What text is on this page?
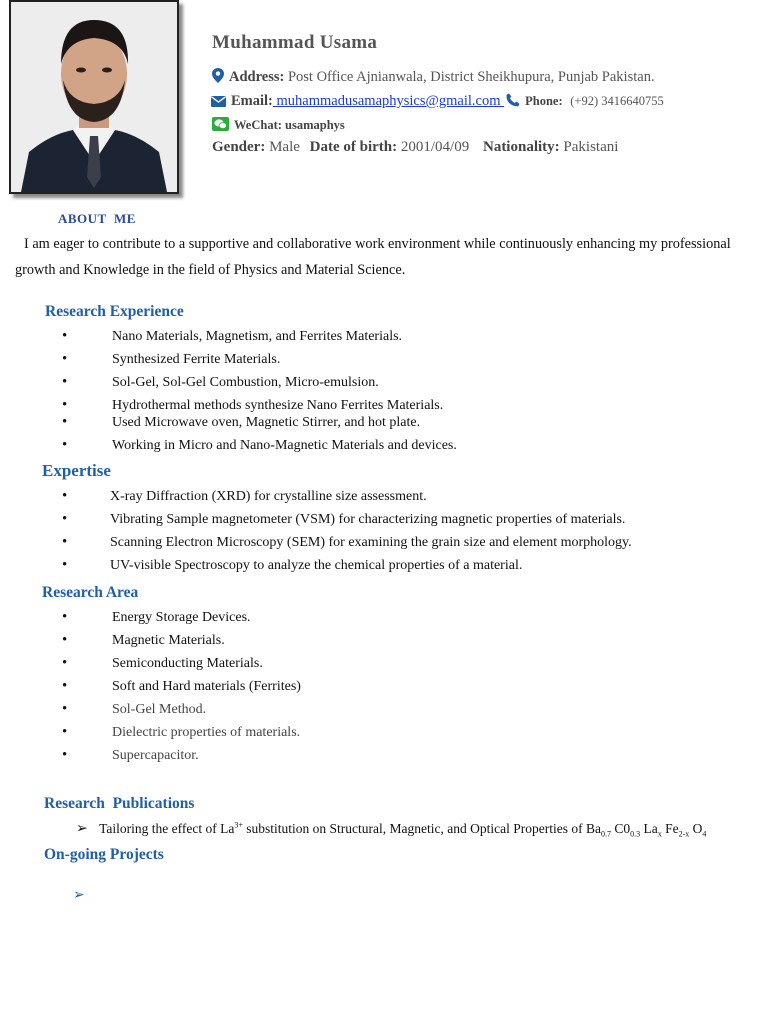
Muhammad Usama
Address: Post Office Ajnianwala, District Sheikhupura, Punjab Pakistan.
Email: muhammadusamaphysics@gmail.com Phone: (+92) 3416640755
WeChat: usamaphys
Gender: Male Date of birth: 2001/04/09 Nationality: Pakistani
ABOUT  ME
I am eager to contribute to a supportive and collaborative work environment while continuously enhancing my professional growth and Knowledge in the field of Physics and Material Science.
Research Experience
•	Nano Materials, Magnetism, and Ferrites Materials.
•	Synthesized Ferrite Materials.
•	Sol-Gel, Sol-Gel Combustion, Micro-emulsion.
•	Hydrothermal methods synthesize Nano Ferrites Materials.
•	Used Microwave oven, Magnetic Stirrer, and hot plate.
•	Working in Micro and Nano-Magnetic Materials and devices.
Expertise
•	X-ray Diffraction (XRD) for crystalline size assessment.
•	Vibrating Sample magnetometer (VSM) for characterizing magnetic properties of materials.
•	Scanning Electron Microscopy (SEM) for examining the grain size and element morphology.
•	UV-visible Spectroscopy to analyze the chemical properties of a material.
Research Area
•	Energy Storage Devices.
•	Magnetic Materials.
•	Semiconducting Materials.
•	Soft and Hard materials (Ferrites)
•	Sol-Gel Method.
•	Dielectric properties of materials.
•	Supercapacitor.
Research  Publications
➢ Tailoring the effect of $La^{3+}$ substitution on Structural, Magnetic, and Optical Properties of $Ba_{0.7}$ $C0_{0.3}$ $La_x$ $Fe_{2-x}$ $O_4$
On-going Projects
➢
